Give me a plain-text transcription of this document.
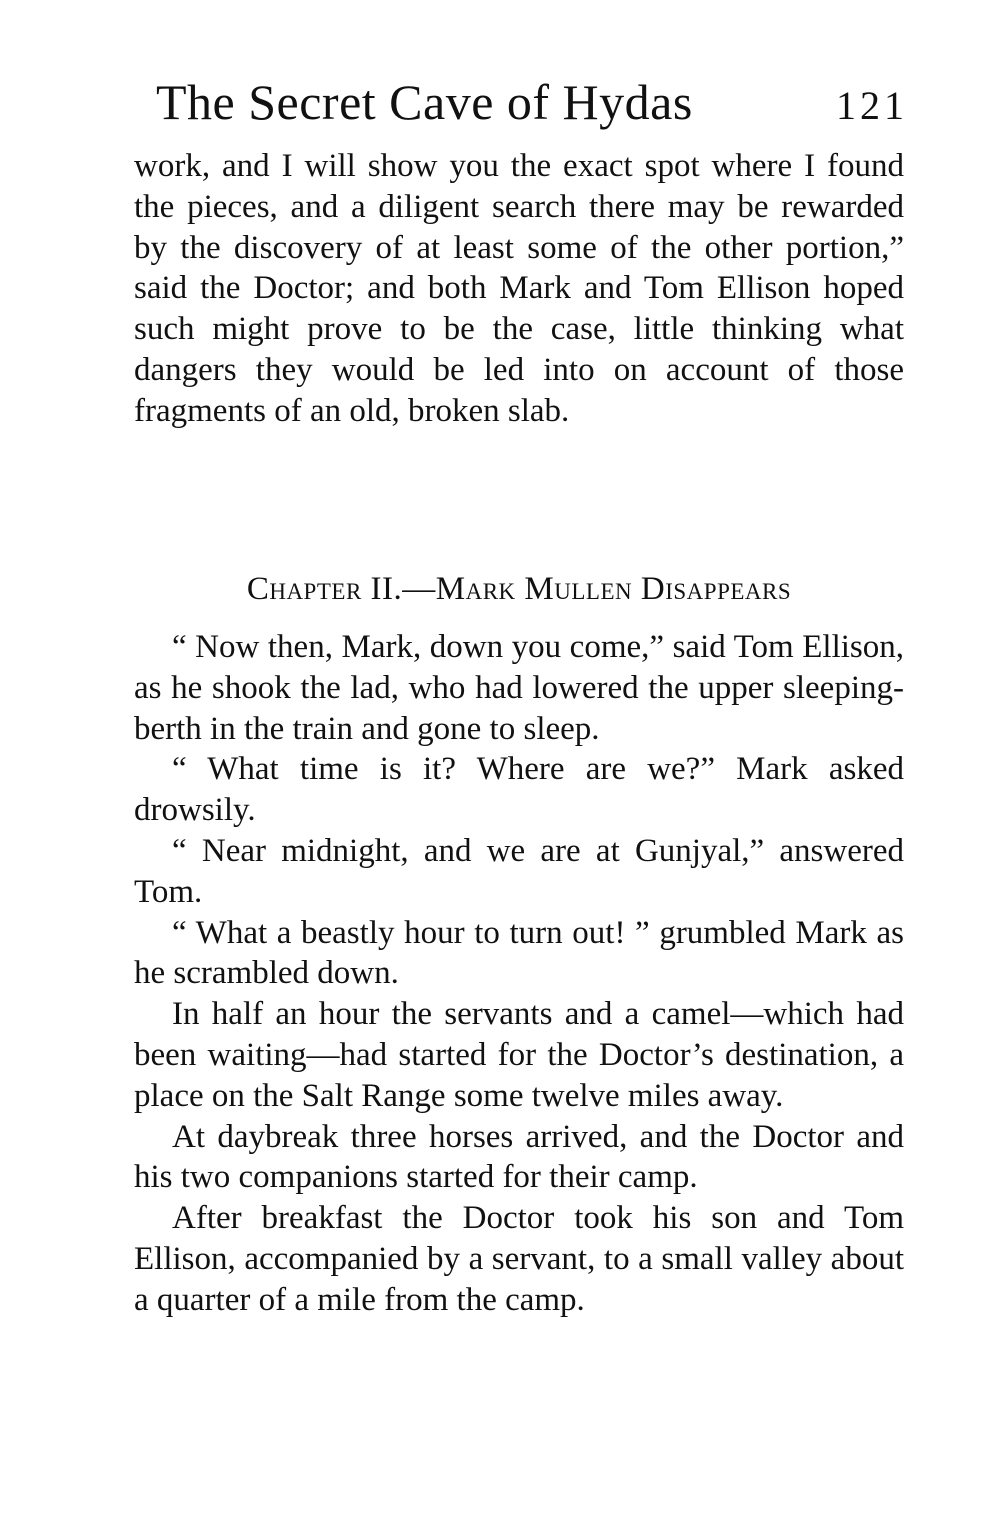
The Secret Cave of Hydas	121

work, and I will show you the exact spot where I found the pieces, and a diligent search there may be rewarded by the discovery of at least some of the other portion,” said the Doctor; and both Mark and Tom Ellison hoped such might prove to be the case, little thinking what dangers they would be led into on account of those fragments of an old, broken slab.

Chapter II.—Mark Mullen Disappears

“ Now then, Mark, down you come,” said Tom Ellison, as he shook the lad, who had lowered the upper sleeping-berth in the train and gone to sleep.

“ What time is it? Where are we?” Mark asked drowsily.

“ Near midnight, and we are at Gunjyal,” answered Tom.

“ What a beastly hour to turn out! ” grumbled Mark as he scrambled down.

In half an hour the servants and a camel—which had been waiting—had started for the Doctor’s destination, a place on the Salt Range some twelve miles away.

At daybreak three horses arrived, and the Doctor and his two companions started for their camp.

After breakfast the Doctor took his son and Tom Ellison, accompanied by a servant, to a small valley about a quarter of a mile from the camp.
